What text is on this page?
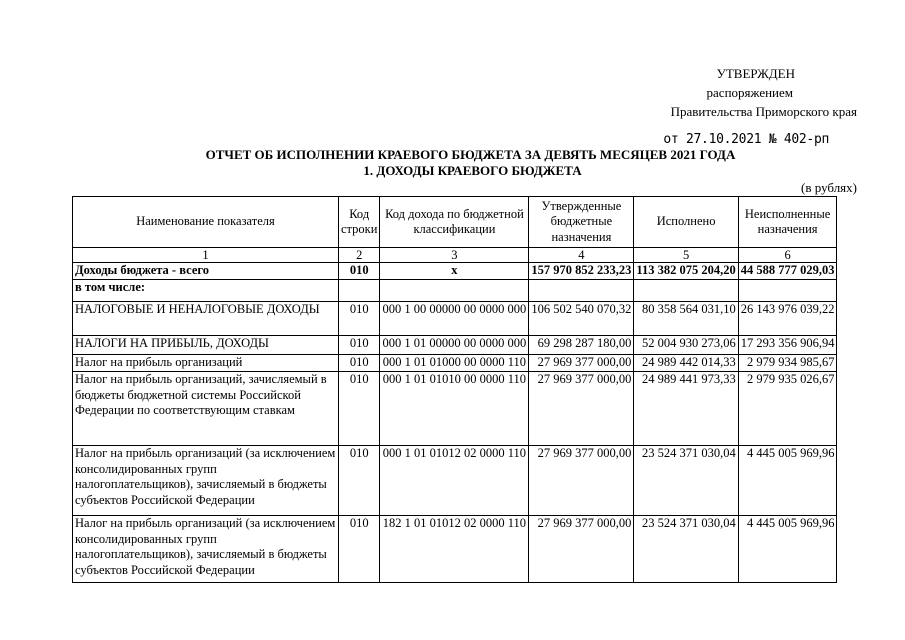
УТВЕРЖДЕН
распоряжением
Правительства Приморского края
от 27.10.2021 № 402-рп
ОТЧЕТ ОБ ИСПОЛНЕНИИ КРАЕВОГО БЮДЖЕТА ЗА ДЕВЯТЬ МЕСЯЦЕВ 2021 ГОДА
1. ДОХОДЫ КРАЕВОГО БЮДЖЕТА
(в рублях)
Наименование показателя	Код строки	Код дохода по бюджетной классификации	Утвержденные бюджетные назначения	Исполнено	Неисполненные назначения
1	2	3	4	5	6
Доходы бюджета - всего	010	х	157 970 852 233,23	113 382 075 204,20	44 588 777 029,03
в том числе:					
НАЛОГОВЫЕ И НЕНАЛОГОВЫЕ ДОХОДЫ	010	000 1 00 00000 00 0000 000	106 502 540 070,32	80 358 564 031,10	26 143 976 039,22
НАЛОГИ НА ПРИБЫЛЬ, ДОХОДЫ	010	000 1 01 00000 00 0000 000	69 298 287 180,00	52 004 930 273,06	17 293 356 906,94
Налог на прибыль организаций	010	000 1 01 01000 00 0000 110	27 969 377 000,00	24 989 442 014,33	2 979 934 985,67
Налог на прибыль организаций, зачисляемый в бюджеты бюджетной системы Российской Федерации по соответствующим ставкам	010	000 1 01 01010 00 0000 110	27 969 377 000,00	24 989 441 973,33	2 979 935 026,67
Налог на прибыль организаций (за исключением консолидированных групп налогоплательщиков), зачисляемый в бюджеты субъектов Российской Федерации	010	000 1 01 01012 02 0000 110	27 969 377 000,00	23 524 371 030,04	4 445 005 969,96
Налог на прибыль организаций (за исключением консолидированных групп налогоплательщиков), зачисляемый в бюджеты субъектов Российской Федерации	010	182 1 01 01012 02 0000 110	27 969 377 000,00	23 524 371 030,04	4 445 005 969,96
